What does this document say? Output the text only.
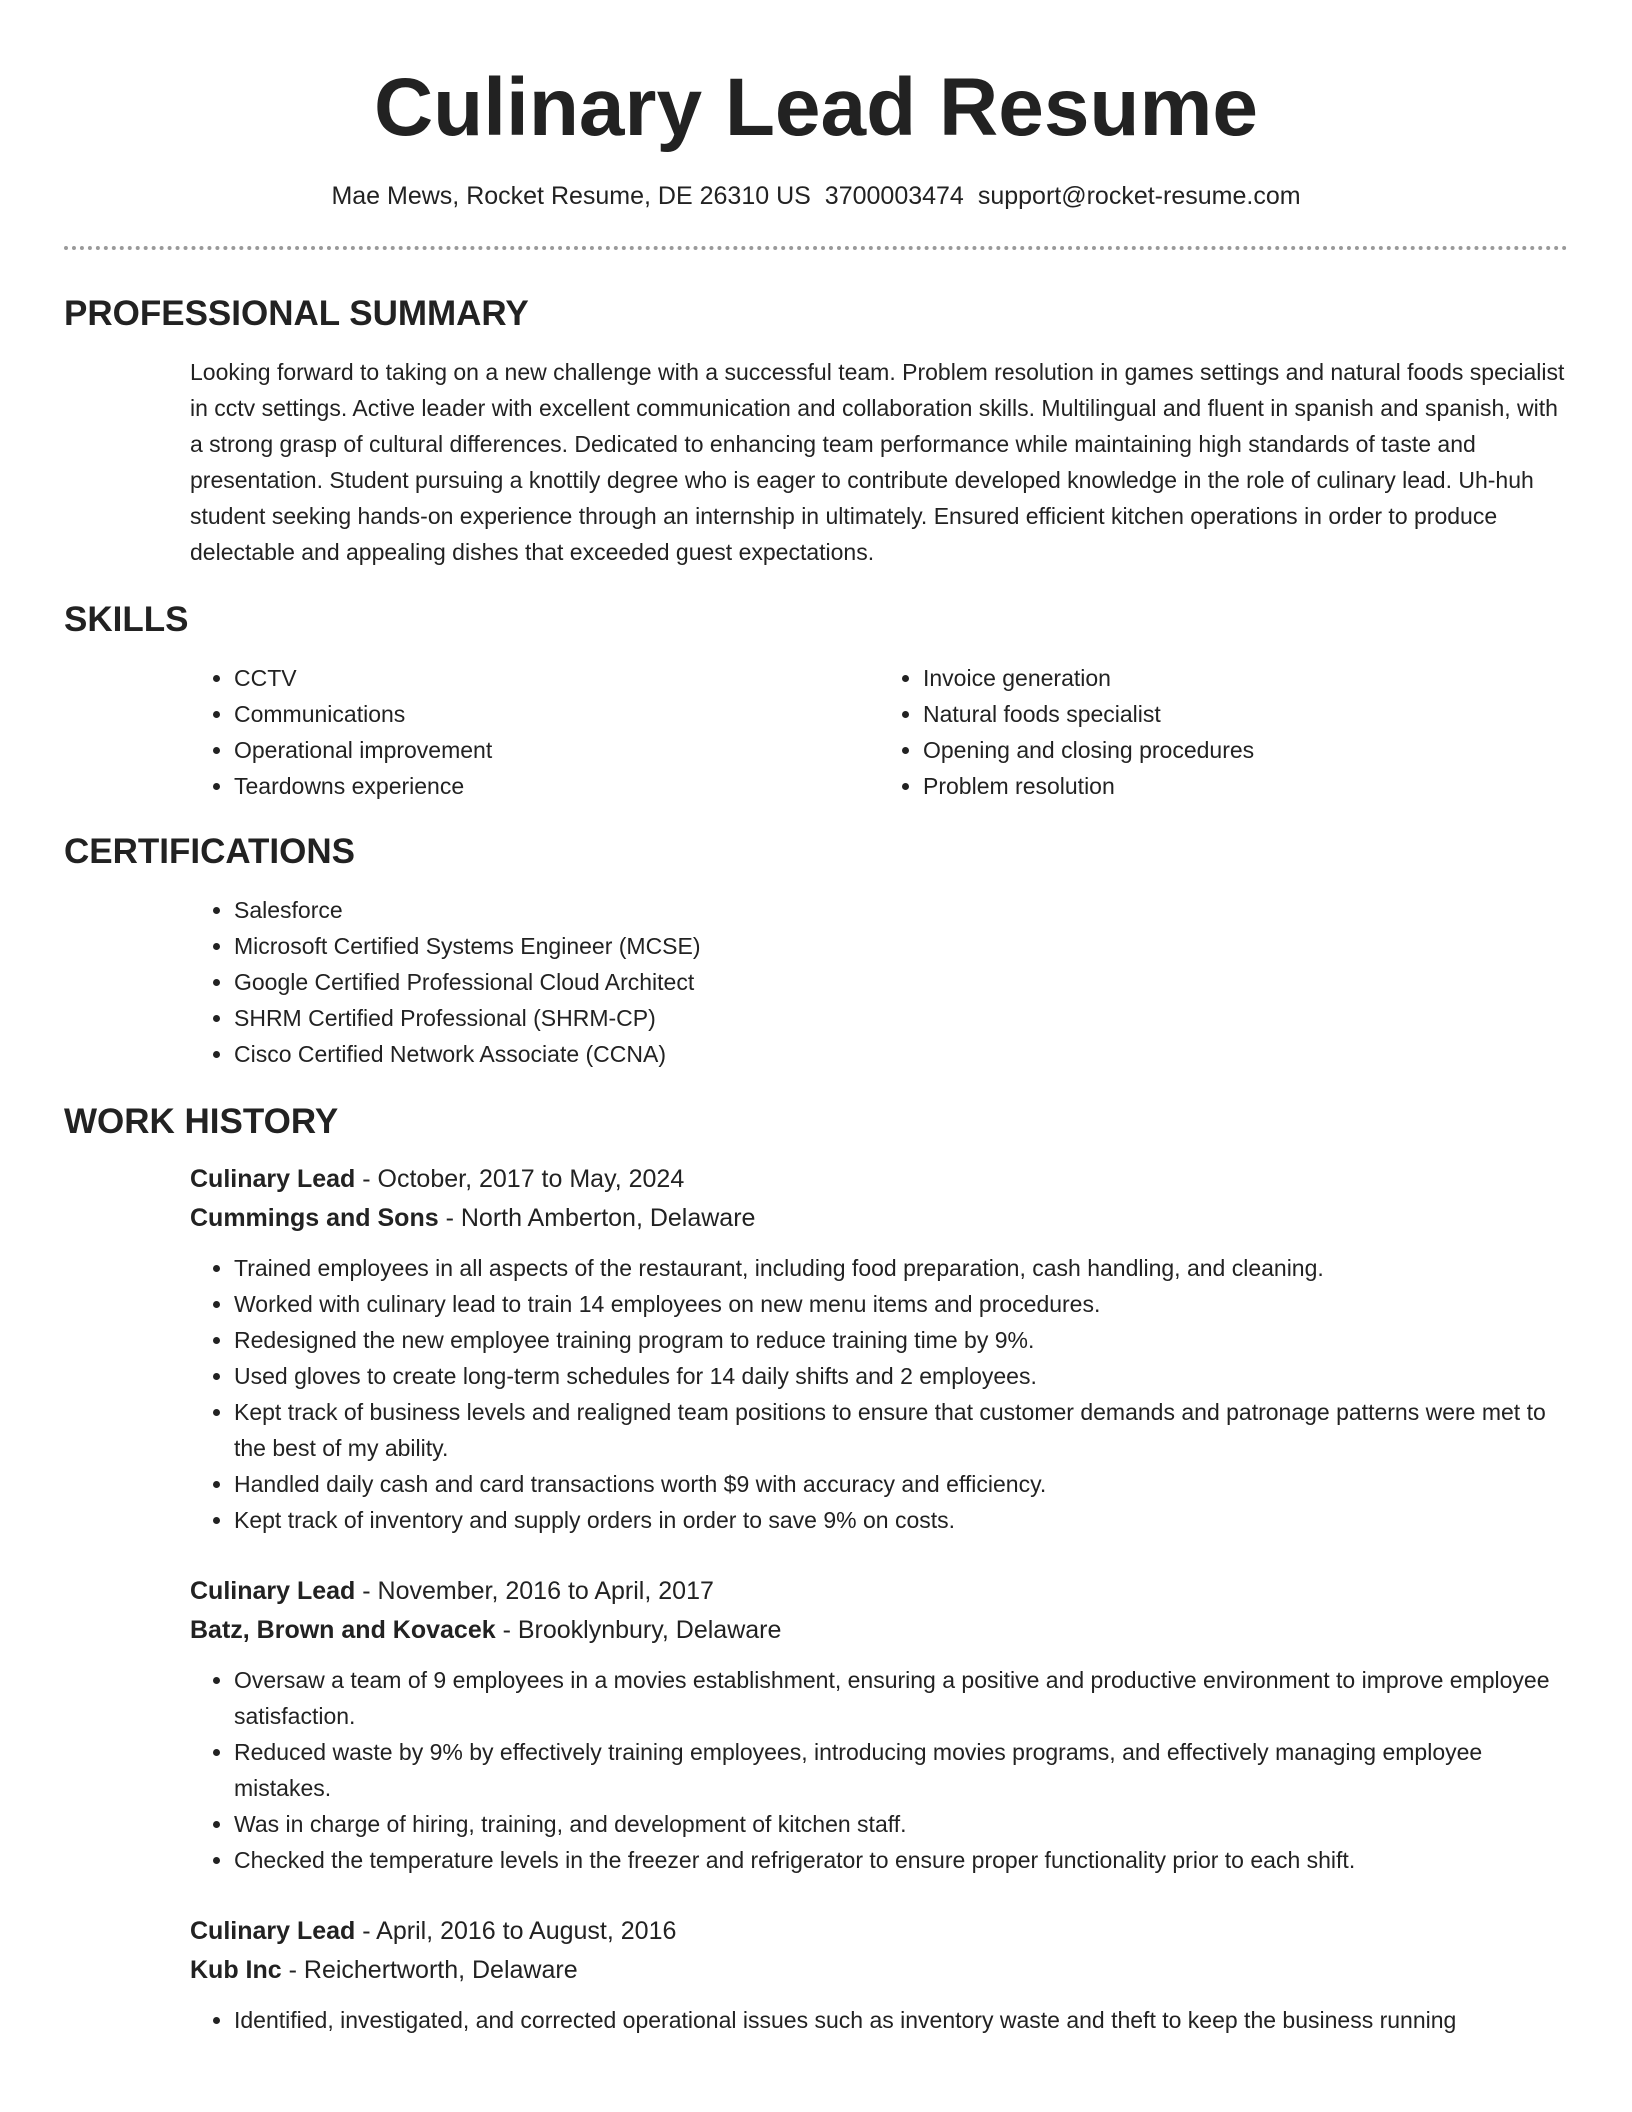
Culinary Lead Resume
Mae Mews, Rocket Resume, DE 26310 US 3700003474 support@rocket-resume.com
PROFESSIONAL SUMMARY

Looking forward to taking on a new challenge with a successful team. Problem resolution in games settings and natural foods specialist in cctv settings. Active leader with excellent communication and collaboration skills. Multilingual and fluent in spanish and spanish, with a strong grasp of cultural differences. Dedicated to enhancing team performance while maintaining high standards of taste and presentation. Student pursuing a knottily degree who is eager to contribute developed knowledge in the role of culinary lead. Uh-huh student seeking hands-on experience through an internship in ultimately. Ensured efficient kitchen operations in order to produce delectable and appealing dishes that exceeded guest expectations.

SKILLS
• CCTV
• Communications
• Operational improvement
• Teardowns experience
• Invoice generation
• Natural foods specialist
• Opening and closing procedures
• Problem resolution
CERTIFICATIONS
• Salesforce
• Microsoft Certified Systems Engineer (MCSE)
• Google Certified Professional Cloud Architect
• SHRM Certified Professional (SHRM-CP)
• Cisco Certified Network Associate (CCNA)
WORK HISTORY
Culinary Lead - October, 2017 to May, 2024
Cummings and Sons - North Amberton, Delaware
• Trained employees in all aspects of the restaurant, including food preparation, cash handling, and cleaning.
• Worked with culinary lead to train 14 employees on new menu items and procedures.
• Redesigned the new employee training program to reduce training time by 9%.
• Used gloves to create long-term schedules for 14 daily shifts and 2 employees.
• Kept track of business levels and realigned team positions to ensure that customer demands and patronage patterns were met to the best of my ability.
• Handled daily cash and card transactions worth $9 with accuracy and efficiency.
• Kept track of inventory and supply orders in order to save 9% on costs.
Culinary Lead - November, 2016 to April, 2017
Batz, Brown and Kovacek - Brooklynbury, Delaware
• Oversaw a team of 9 employees in a movies establishment, ensuring a positive and productive environment to improve employee satisfaction.
• Reduced waste by 9% by effectively training employees, introducing movies programs, and effectively managing employee mistakes.
• Was in charge of hiring, training, and development of kitchen staff.
• Checked the temperature levels in the freezer and refrigerator to ensure proper functionality prior to each shift.
Culinary Lead - April, 2016 to August, 2016
Kub Inc - Reichertworth, Delaware
• Identified, investigated, and corrected operational issues such as inventory waste and theft to keep the business running
